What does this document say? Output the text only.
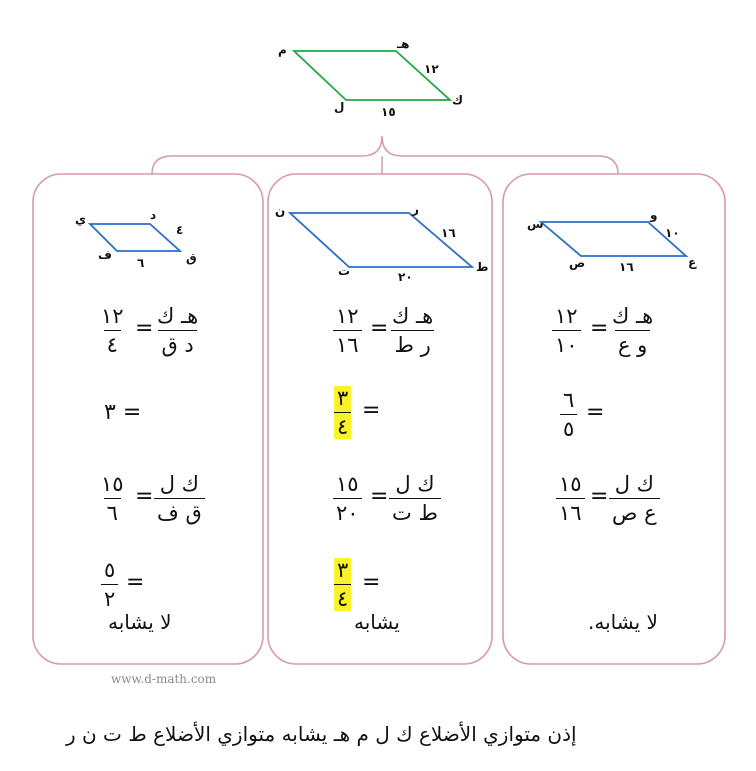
م	هـ
ك
ل
١٢
١٥
س
و
ع
ص
١٠
١٦
ن	ر
ط
ت
١٦
٢٠
ي	د
٤
ق
ف
٦
١٢
١٠
= هـ ك
و ع
٦
٥
=
١٥
١٦
= ك ل
ع ص
لا يشابه.
١٢
١٦
= هـ ك
ر ط
٣
٤
=
١٥
٢٠
= ك ل
ط ت
٣
٤
=
يشابه
١٢
٤
= هـ ك
د ق
= ٣
١٥
٦
= ك ل
ق ف
٥
٢
=
لا يشابه
www.d-math.com
إذن متوازي الأضلاع ك ل م هـ يشابه متوازي الأضلاع ط ت ن ر
